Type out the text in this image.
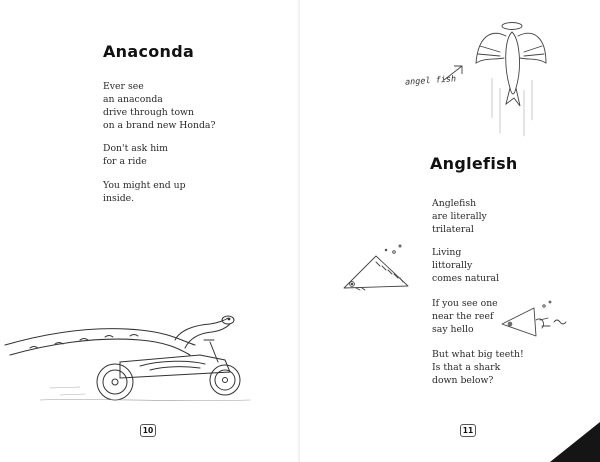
Anaconda
Ever see
an anaconda
drive through town
on a brand new Honda?
Don't ask him
for a ride
You might end up
inside.
10
angel fish
Anglefish
Anglefish
are literally
trilateral
Living
littorally
comes natural
If you see one
near the reef
say hello
But what big teeth!
Is that a shark
down below?
11
